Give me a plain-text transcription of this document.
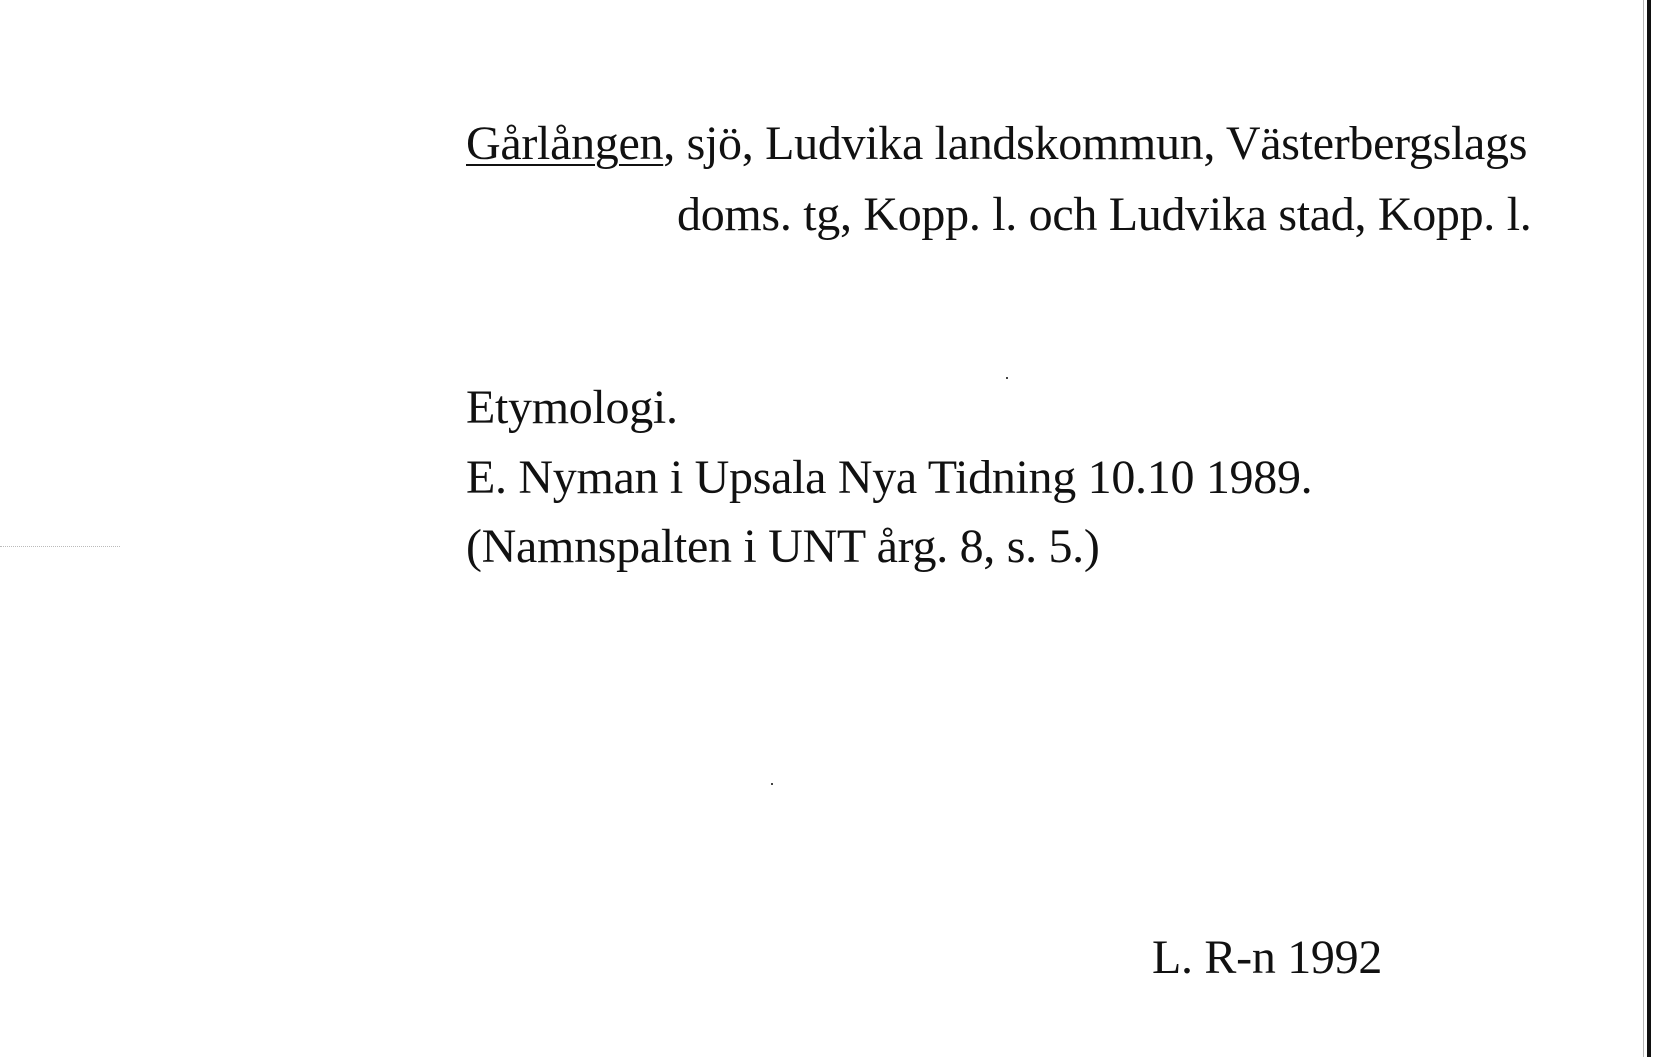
Gårlången, sjö, Ludvika landskommun, Västerbergslags
doms. tg, Kopp. l. och Ludvika stad, Kopp. l.
Etymologi.
E. Nyman i Upsala Nya Tidning 10.10 1989.
(Namnspalten i UNT årg. 8, s. 5.)
L. R-n 1992
